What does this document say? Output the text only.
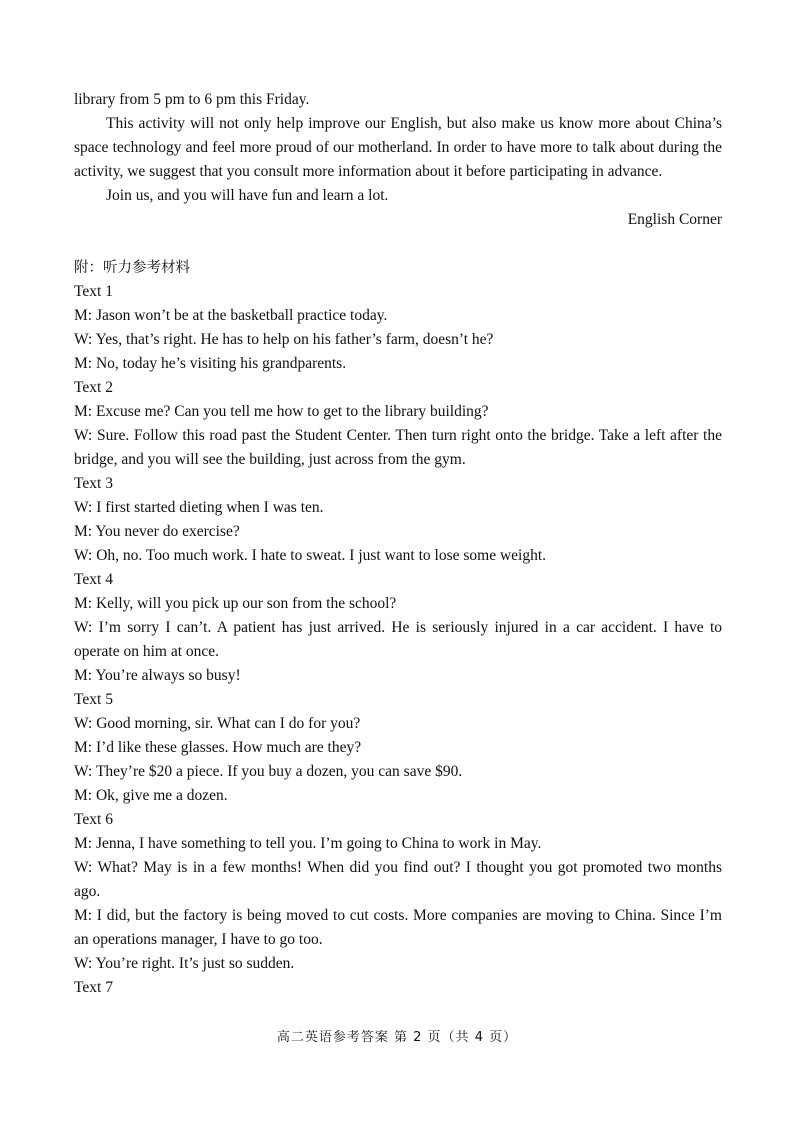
library from 5 pm to 6 pm this Friday.

This activity will not only help improve our English, but also make us know more about China’s space technology and feel more proud of our motherland. In order to have more to talk about during the activity, we suggest that you consult more information about it before participating in advance.

Join us, and you will have fun and learn a lot.

English Corner

附：听力参考材料

Text 1

M: Jason won’t be at the basketball practice today.

W: Yes, that’s right. He has to help on his father’s farm, doesn’t he?

M: No, today he’s visiting his grandparents.

Text 2

M: Excuse me? Can you tell me how to get to the library building?

W: Sure. Follow this road past the Student Center. Then turn right onto the bridge. Take a left after the bridge, and you will see the building, just across from the gym.

Text 3

W: I first started dieting when I was ten.

M: You never do exercise?

W: Oh, no. Too much work. I hate to sweat. I just want to lose some weight.

Text 4

M: Kelly, will you pick up our son from the school?

W: I’m sorry I can’t. A patient has just arrived. He is seriously injured in a car accident. I have to operate on him at once.

M: You’re always so busy!

Text 5

W: Good morning, sir. What can I do for you?

M: I’d like these glasses. How much are they?

W: They’re $20 a piece. If you buy a dozen, you can save $90.

M: Ok, give me a dozen.

Text 6

M: Jenna, I have something to tell you. I’m going to China to work in May.

W: What? May is in a few months! When did you find out? I thought you got promoted two months ago.

M: I did, but the factory is being moved to cut costs. More companies are moving to China. Since I’m an operations manager, I have to go too.

W: You’re right. It’s just so sudden.

Text 7

高二英语参考答案 第 2 页（共 4 页）
